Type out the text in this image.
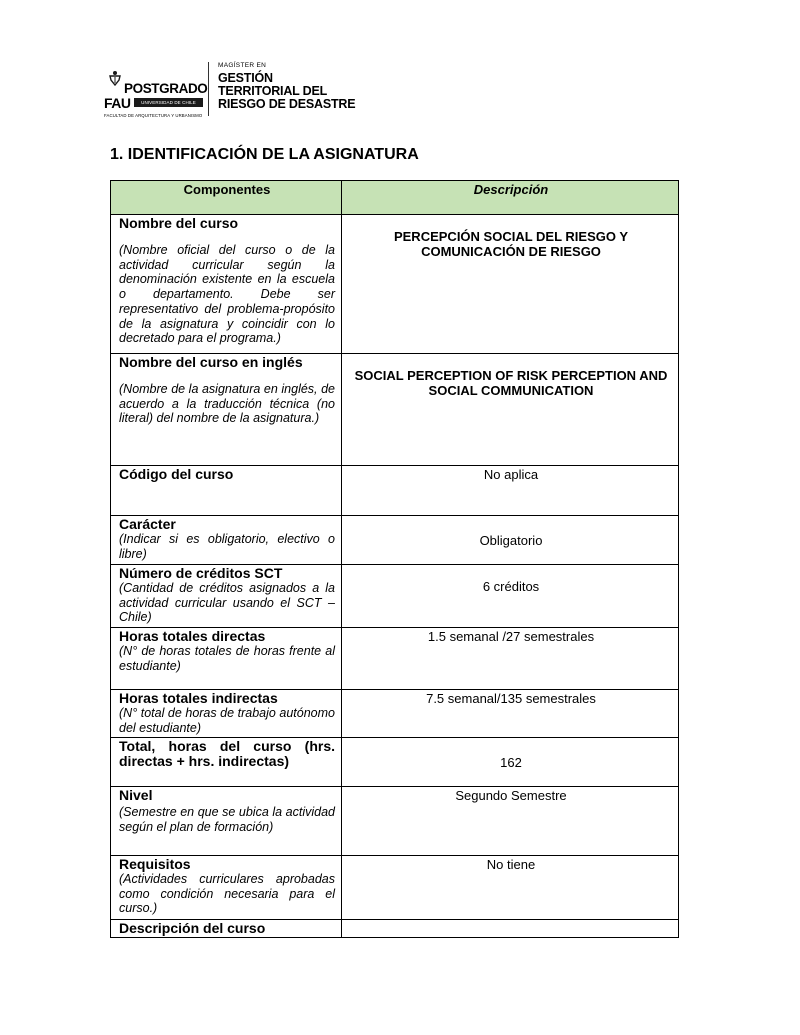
POSTGRADO
FAU	UNIVERSIDAD DE CHILE
FACULTAD DE ARQUITECTURA Y URBANISMO
MAGÍSTER EN
GESTIÓN
TERRITORIAL DEL
RIESGO DE DESASTRE
1. IDENTIFICACIÓN DE LA ASIGNATURA
Componentes	Descripción

Nombre del curso
(Nombre oficial del curso o de la actividad curricular según la denominación existente en la escuela o departamento. Debe ser representativo del problema-propósito de la asignatura y coincidir con lo decretado para el programa.)	PERCEPCIÓN SOCIAL DEL RIESGO Y COMUNICACIÓN DE RIESGO

Nombre del curso en inglés
(Nombre de la asignatura en inglés, de acuerdo a la traducción técnica (no literal) del nombre de la asignatura.)	SOCIAL PERCEPTION OF RISK PERCEPTION AND SOCIAL COMMUNICATION

Código del curso	No aplica

Carácter
(Indicar si es obligatorio, electivo o libre)	Obligatorio

Número de créditos SCT
(Cantidad de créditos asignados a la actividad curricular usando el SCT – Chile)	6 créditos

Horas totales directas
(N° de horas totales de horas frente al estudiante)	1.5 semanal /27 semestrales

Horas totales indirectas
(N° total de horas de trabajo autónomo del estudiante)	7.5 semanal/135 semestrales

Total, horas del curso (hrs. directas + hrs. indirectas)	162

Nivel
(Semestre en que se ubica la actividad según el plan de formación)	Segundo Semestre

Requisitos
(Actividades curriculares aprobadas como condición necesaria para el curso.)	No tiene

Descripción del curso	
